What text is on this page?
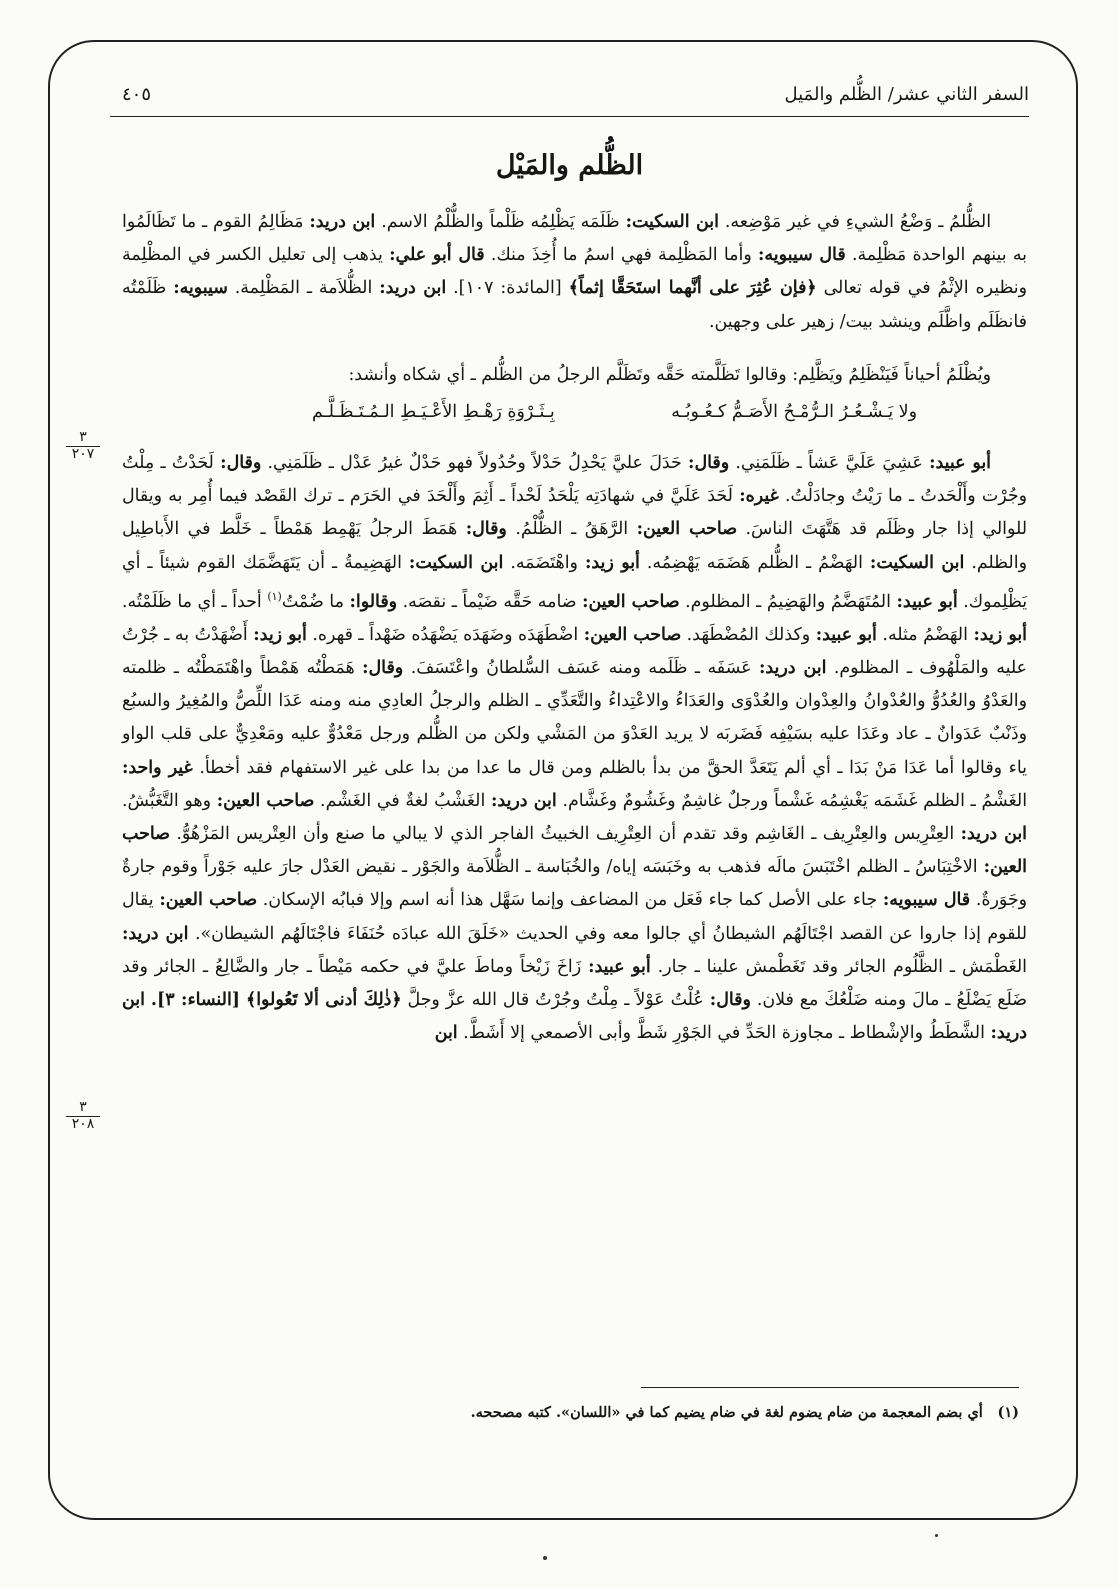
السفر الثاني عشر/ الظُّلم والمَيل
٤٠٥
الظُّلم والمَيْل
٣
٢٠٧
٣
٢٠٨

الظُّلمُ ـ وَضْعُ الشيءِ في غير مَوْضِعه. ابن السكيت: ظَلَمَه يَظْلِمُه ظَلْماً والظُّلْمُ الاسم. ابن دريد: مَظَالِمُ القوم ـ ما تَظَالَمُوا به بينهم الواحدة مَظْلِمة. قال سيبويه: وأما المَظْلِمة فهي اسمُ ما أُخِذَ منك. قال أبو علي: يذهب إلى تعليل الكسر في المظْلِمة ونظيره الإثْمُ في قوله تعالى ﴿فإن عُثِرَ على أنَّهما استَحَقَّا إثماً﴾ [المائدة: ١٠٧]. ابن دريد: الظُّلاَمة ـ المَظْلِمة. سيبويه: ظَلَمْتُه فانظَلَم واظَّلَم وينشد بيت/ زهير على وجهين.

ويُظْلَمُ أحياناً فَيَنْظَلِمُ ويَظَّلِم: وقالوا تَظَلَّمته حَقَّه وتَظَلَّم الرجلُ من الظُّلم ـ أي شكاه وأنشد:

ولا يَـشْـعُـرُ الـرُّمْـحُ الأَصَـمُّ كـعُـوبُـه
بِـثَـرْوَةِ رَهْـطِ الأَعْـيَـطِ الـمُـتَـظَـلَّـم

أبو عبيد: عَشِيَ عَلَيَّ عَشاً ـ ظَلَمَنِي. وقال: حَدَلَ عليَّ يَحْدِلُ حَدْلاً وحُدُولاً فهو حَدْلٌ غيرُ عَدْل ـ ظَلَمَنِي. وقال: لَحَدْتُ ـ مِلْتُ وجُرْت وأَلْحَدتُ ـ ما رَيْتُ وجادَلْتُ. غيره: لَحَدَ عَلَيَّ في شهادَتِه يَلْحَدُ لَحْداً ـ أَثِمَ وأَلْحَدَ في الحَرَم ـ ترك القَصْد فيما أُمِر به ويقال للوالي إذا جار وظَلَم قد هَتَّهَتَ الناسَ. صاحب العين: الرَّهَقُ ـ الظُّلْمُ. وقال: هَمَطَ الرجلُ يَهْمِط هَمْطاً ـ خَلَّط في الأَباطِيل والظلم. ابن السكيت: الهَضْمُ ـ الظُّلم هَضَمَه يَهْضِمُه. أبو زيد: واهْتَضَمَه. ابن السكيت: الهَضِيمةُ ـ أن يَتَهَضَّمَك القوم شيئاً ـ أي يَظْلِموك. أبو عبيد: المُتَهَضَّمُ والهَضِيمُ ـ المظلوم. صاحب العين: ضامه حَقَّه ضَيْماً ـ نقصَه. وقالوا: ما ضُمْتُ$^{(١)}$ أحداً ـ أي ما ظَلَمْتُه. أبو زيد: الهَضْمُ مثله. أبو عبيد: وكذلك المُضْطَهَد. صاحب العين: اضْطَهَدَه وضَهَدَه يَضْهَدُه ضَهْداً ـ قهره. أبو زيد: أَضْهَدْتُ به ـ جُرْتُ عليه والمَلْهُوف ـ المظلوم. ابن دريد: عَسَفَه ـ ظَلَمه ومنه عَسَف السُّلطانُ واعْتَسَفَ. وقال: هَمَطْتُه هَمْطاً واهْتَمَطْتُه ـ ظلمته والعَدْوُ والعُدُوُّ والعُدْوانُ والعِدْوان والعُدْوَى والعَدَاءُ والاعْتِداءُ والتَّعَدِّي ـ الظلم والرجلُ العادِي منه ومنه عَدَا اللِّصُّ والمُغِيرُ والسبُع وذَنْبٌ عَدَوانٌ ـ عاد وعَدَا عليه بسَيْفِه فَضَربَه لا يريد العَدْوَ من المَشْي ولكن من الظُّلم ورجل مَعْدُوٌّ عليه ومَعْدِيٌّ على قلب الواو ياء وقالوا أما عَدَا مَنْ بَدَا ـ أي ألم يَتَعَدَّ الحقَّ من بدأ بالظلم ومن قال ما عدا من بدا على غير الاستفهام فقد أخطأ. غير واحد: الغَشْمُ ـ الظلم غَشَمَه يَغْشِمُه غَشْماً ورجلٌ غاشِمٌ وغَشُومٌ وغَشَّام. ابن دريد: الغَشْبُ لغةٌ في الغَشْم. صاحب العين: وهو التَّغَبُّشُ. ابن دريد: العِتْرِيس والعِتْرِيف ـ الغَاشِم وقد تقدم أن العِتْرِيف الخبيثُ الفاجر الذي لا يبالي ما صنع وأن العِتْريس المَزْهُوُّ. صاحب العين: الاخْتِبَاسُ ـ الظلم اخْتَبَسَ مالَه فذهب به وخَبَسَه إياه/ والخُبَاسة ـ الظُّلاَمة والجَوْر ـ نقيض العَدْل جارَ عليه جَوْراً وقوم جارةٌ وجَوَرةٌ. قال سيبويه: جاء على الأصل كما جاء فَعَل من المضاعف وإنما سَهَّل هذا أنه اسم وإلا فبابُه الإسكان. صاحب العين: يقال للقوم إذا جاروا عن القصد اجْتَالَهُم الشيطانُ أي جالوا معه وفي الحديث «خَلَقَ الله عبادَه حُنَفَاءَ فاجْتَالَهُم الشيطان». ابن دريد: الغَطْمَش ـ الظَّلُوم الجائر وقد تَغَطْمش علينا ـ جار. أبو عبيد: زَاخَ زَيْخاً وماطَ عليَّ في حكمه مَيْطاً ـ جار والضَّالِعُ ـ الجائر وقد ضَلَع يَضْلَعُ ـ مالَ ومنه ضَلْعُكَ مع فلان. وقال: عُلْتُ عَوْلاً ـ مِلْتُ وجُرْتُ قال الله عزَّ وجلَّ ﴿ذٰلِكَ أدنى ألا تَعُولوا﴾ [النساء: ٣]. ابن دريد: الشَّطَطُ والإشْطاط ـ مجاوزة الحَدِّ في الجَوْرِ شَطَّ وأبى الأصمعي إلا أَشَطَّ. ابن

(١) أي بضم المعجمة من ضام يضوم لغة في ضام يضيم كما في «اللسان». كتبه مصححه.
